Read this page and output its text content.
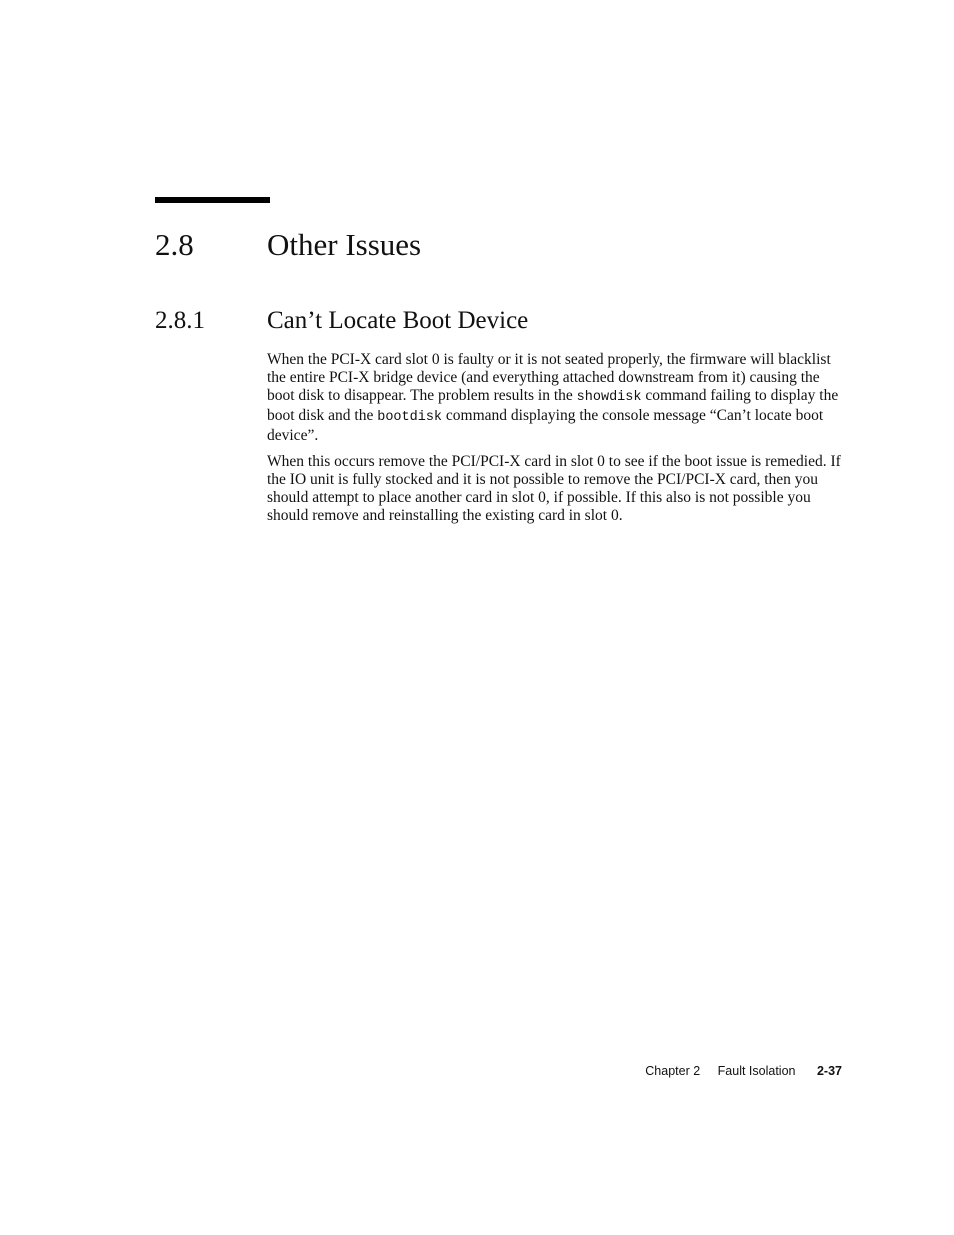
2.8 Other Issues
2.8.1 Can’t Locate Boot Device

When the PCI-X card slot 0 is faulty or it is not seated properly, the firmware will blacklist the entire PCI-X bridge device (and everything attached downstream from it) causing the boot disk to disappear. The problem results in the showdisk command failing to display the boot disk and the bootdisk command displaying the console message “Can’t locate boot device”.

When this occurs remove the PCI/PCI-X card in slot 0 to see if the boot issue is remedied. If the IO unit is fully stocked and it is not possible to remove the PCI/PCI-X card, then you should attempt to place another card in slot 0, if possible. If this also is not possible you should remove and reinstalling the existing card in slot 0.

Chapter 2 Fault Isolation 2-37
